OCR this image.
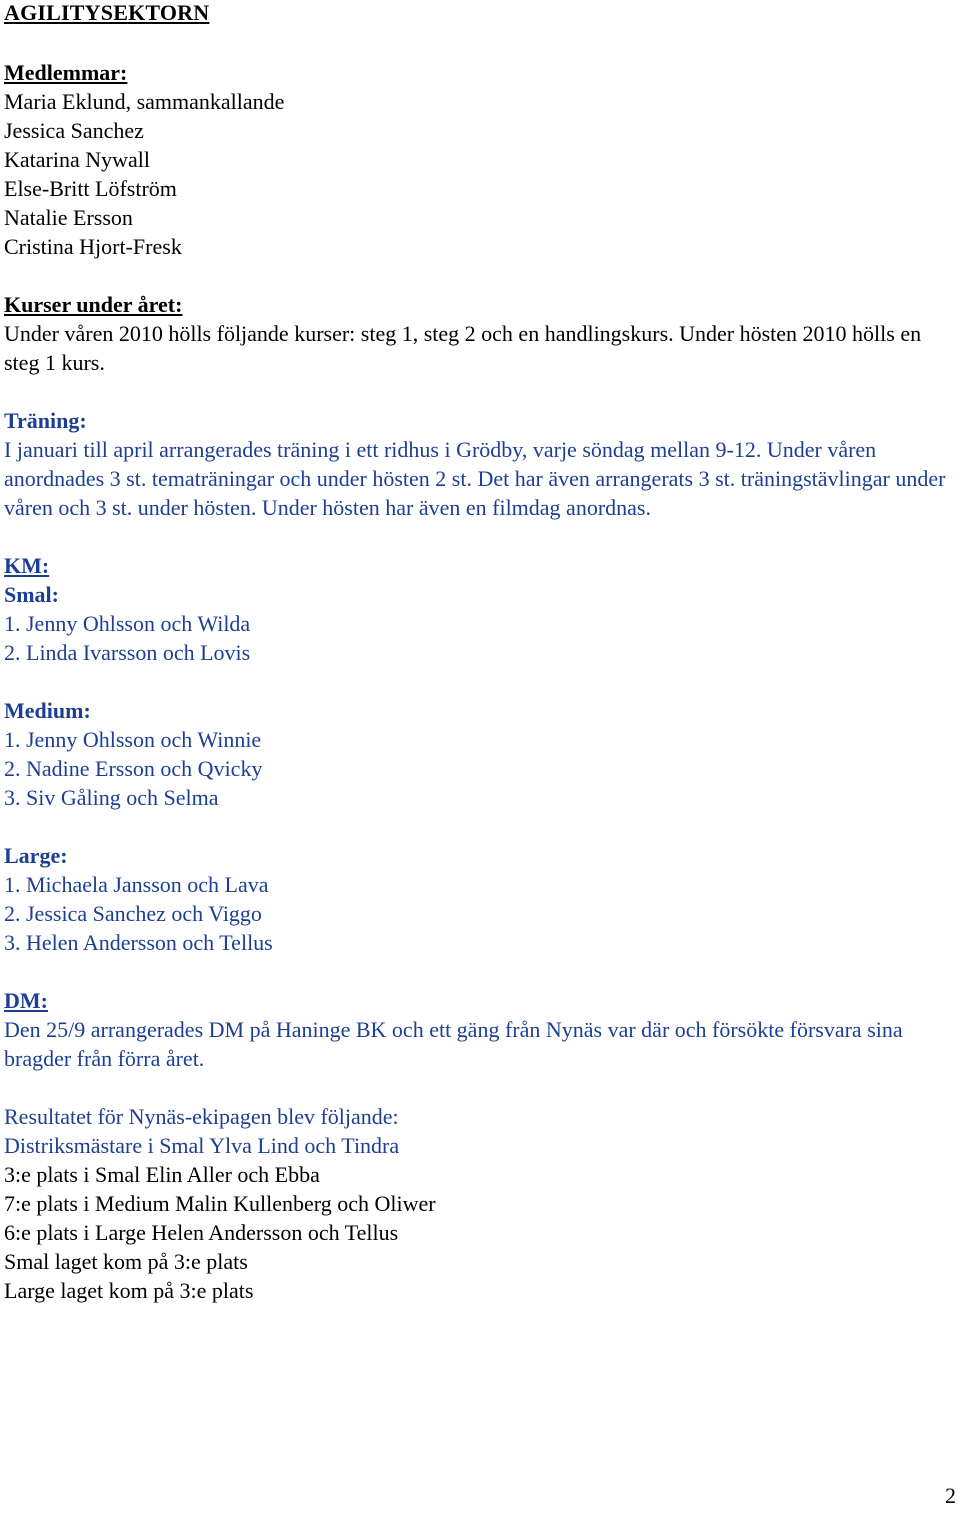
AGILITYSEKTORN

Medlemmar:

Maria Eklund, sammankallande

Jessica Sanchez

Katarina Nywall

Else-Britt Löfström

Natalie Ersson

Cristina Hjort-Fresk

Kurser under året:

Under våren 2010 hölls följande kurser: steg 1, steg 2 och en handlingskurs. Under hösten 2010 hölls en steg 1 kurs.

Träning:

I januari till april arrangerades träning i ett ridhus i Grödby, varje söndag mellan 9-12. Under våren anordnades 3 st. tematräningar och under hösten 2 st. Det har även arrangerats 3 st. träningstävlingar under våren och 3 st. under hösten. Under hösten har även en filmdag anordnas.

KM:

Smal:

1. Jenny Ohlsson och Wilda

2. Linda Ivarsson och Lovis

Medium:

1. Jenny Ohlsson och Winnie

2. Nadine Ersson och Qvicky

3. Siv Gåling och Selma

Large:

1. Michaela Jansson och Lava

2. Jessica Sanchez och Viggo

3. Helen Andersson och Tellus

DM:

Den 25/9 arrangerades DM på Haninge BK och ett gäng från Nynäs var där och försökte försvara sina bragder från förra året.

Resultatet för Nynäs-ekipagen blev följande:

Distriksmästare i Smal Ylva Lind och Tindra

3:e plats i Smal Elin Aller och Ebba

7:e plats i Medium Malin Kullenberg och Oliwer

6:e plats i Large Helen Andersson och Tellus

Smal laget kom på 3:e plats

Large laget kom på 3:e plats

2
